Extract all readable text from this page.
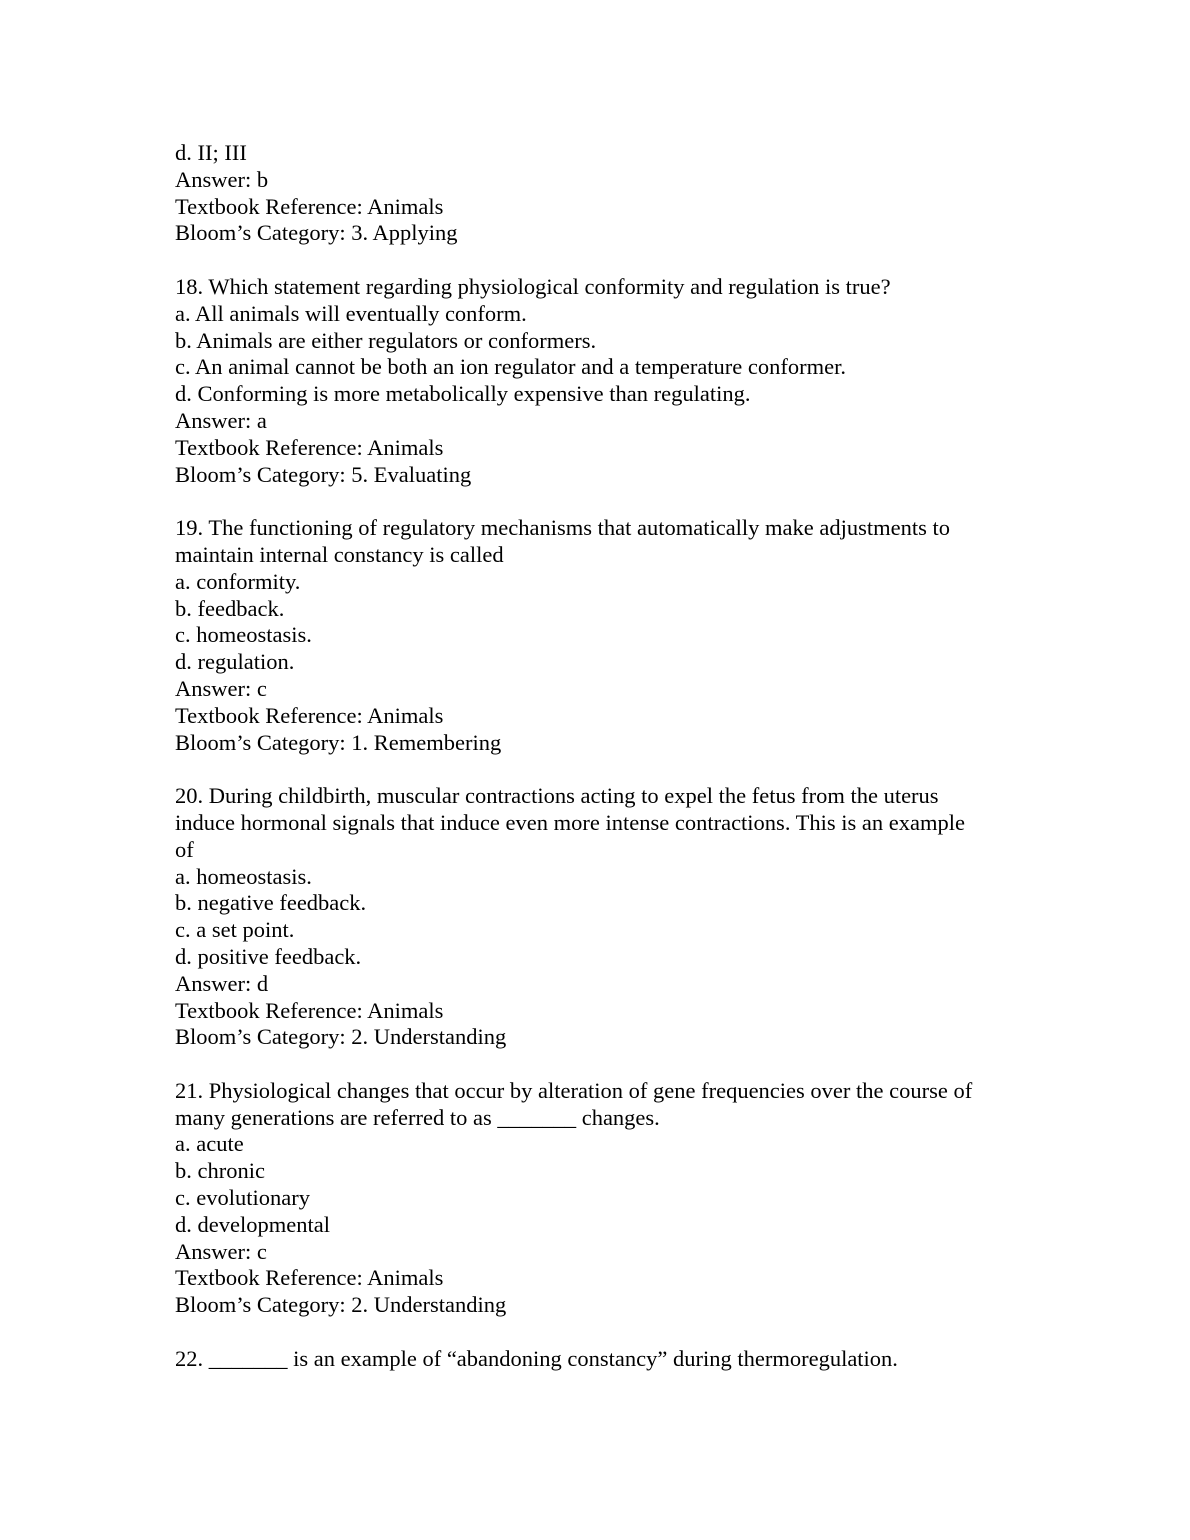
d. II; III
Answer: b
Textbook Reference: Animals
Bloom’s Category: 3. Applying
18. Which statement regarding physiological conformity and regulation is true?
a. All animals will eventually conform.
b. Animals are either regulators or conformers.
c. An animal cannot be both an ion regulator and a temperature conformer.
d. Conforming is more metabolically expensive than regulating.
Answer: a
Textbook Reference: Animals
Bloom’s Category: 5. Evaluating
19. The functioning of regulatory mechanisms that automatically make adjustments to
maintain internal constancy is called
a. conformity.
b. feedback.
c. homeostasis.
d. regulation.
Answer: c
Textbook Reference: Animals
Bloom’s Category: 1. Remembering
20. During childbirth, muscular contractions acting to expel the fetus from the uterus
induce hormonal signals that induce even more intense contractions. This is an example
of
a. homeostasis.
b. negative feedback.
c. a set point.
d. positive feedback.
Answer: d
Textbook Reference: Animals
Bloom’s Category: 2. Understanding
21. Physiological changes that occur by alteration of gene frequencies over the course of
many generations are referred to as _______ changes.
a. acute
b. chronic
c. evolutionary
d. developmental
Answer: c
Textbook Reference: Animals
Bloom’s Category: 2. Understanding
22. _______ is an example of “abandoning constancy” during thermoregulation.
